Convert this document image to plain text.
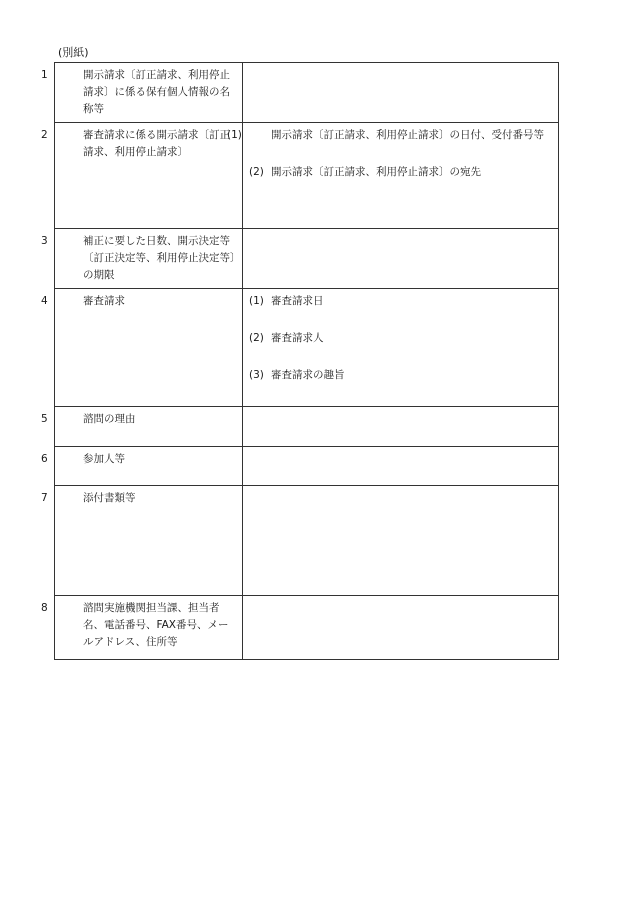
(別紙)

1 開示請求〔訂正請求、利用停止請求〕に係る保有個人情報の名称等	

2 審査請求に係る開示請求〔訂正請求、利用停止請求〕	(1) 開示請求〔訂正請求、利用停止請求〕の日付、受付番号等

(2) 開示請求〔訂正請求、利用停止請求〕の宛先

3 補正に要した日数、開示決定等〔訂正決定等、利用停止決定等〕の期限	

4 審査請求	(1) 審査請求日

(2) 審査請求人

(3) 審査請求の趣旨

5 諮問の理由	

6 参加人等	

7 添付書類等	

8 諮問実施機関担当課、担当者名、電話番号、FAX番号、メールアドレス、住所等	
